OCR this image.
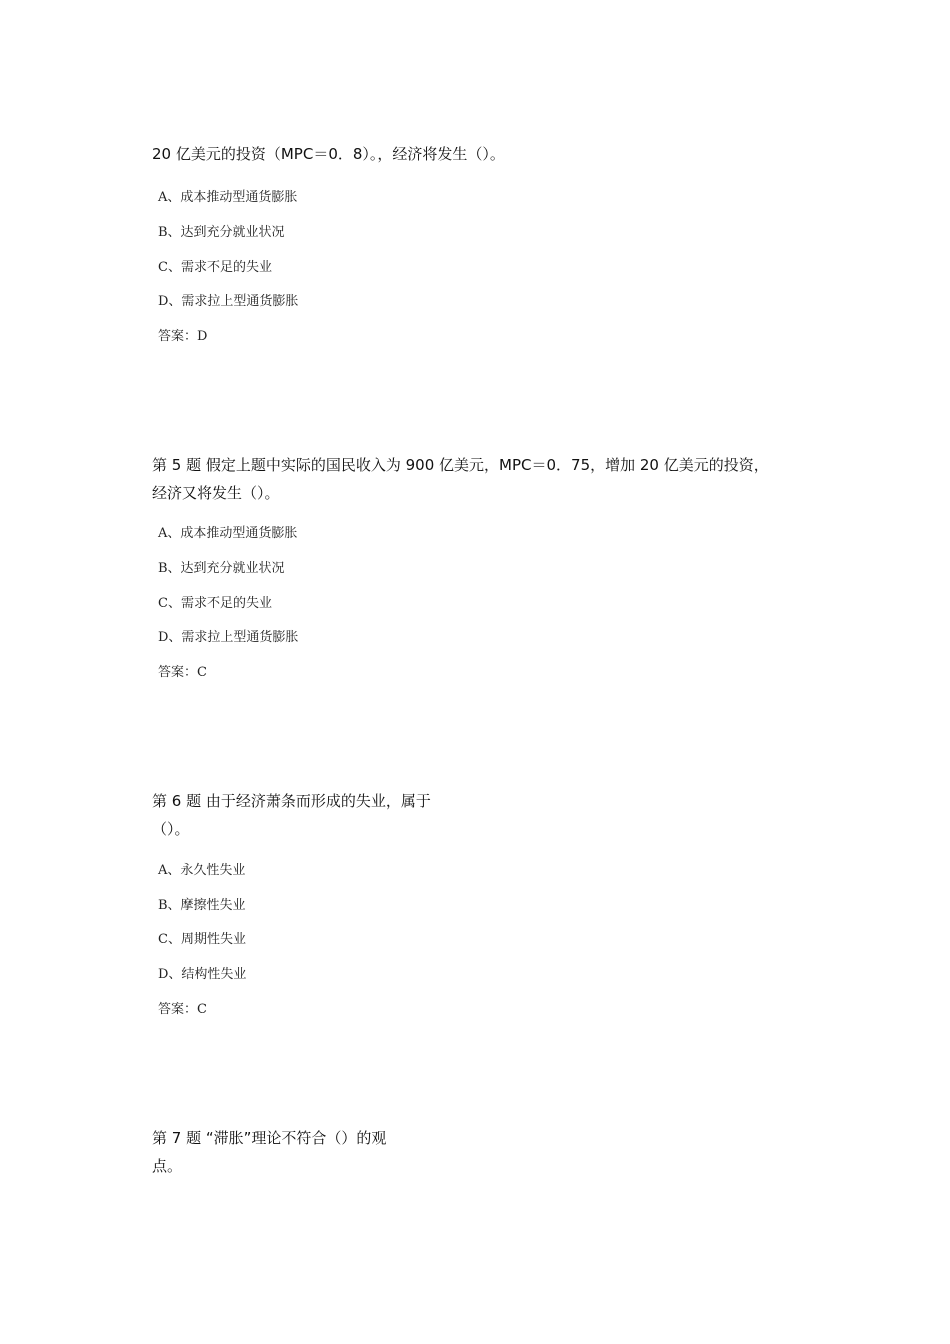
20 亿美元的投资（MPC＝0．8）。，经济将发生（）。
A、成本推动型通货膨胀
B、达到充分就业状况
C、需求不足的失业
D、需求拉上型通货膨胀
答案：D
第 5 题 假定上题中实际的国民收入为 900 亿美元，MPC＝0．75，增加 20 亿美元的投资，
经济又将发生（）。
A、成本推动型通货膨胀
B、达到充分就业状况
C、需求不足的失业
D、需求拉上型通货膨胀
答案：C
第 6 题 由于经济萧条而形成的失业，属于
（）。
A、永久性失业
B、摩擦性失业
C、周期性失业
D、结构性失业
答案：C
第 7 题 “滞胀”理论不符合（）的观
点。
